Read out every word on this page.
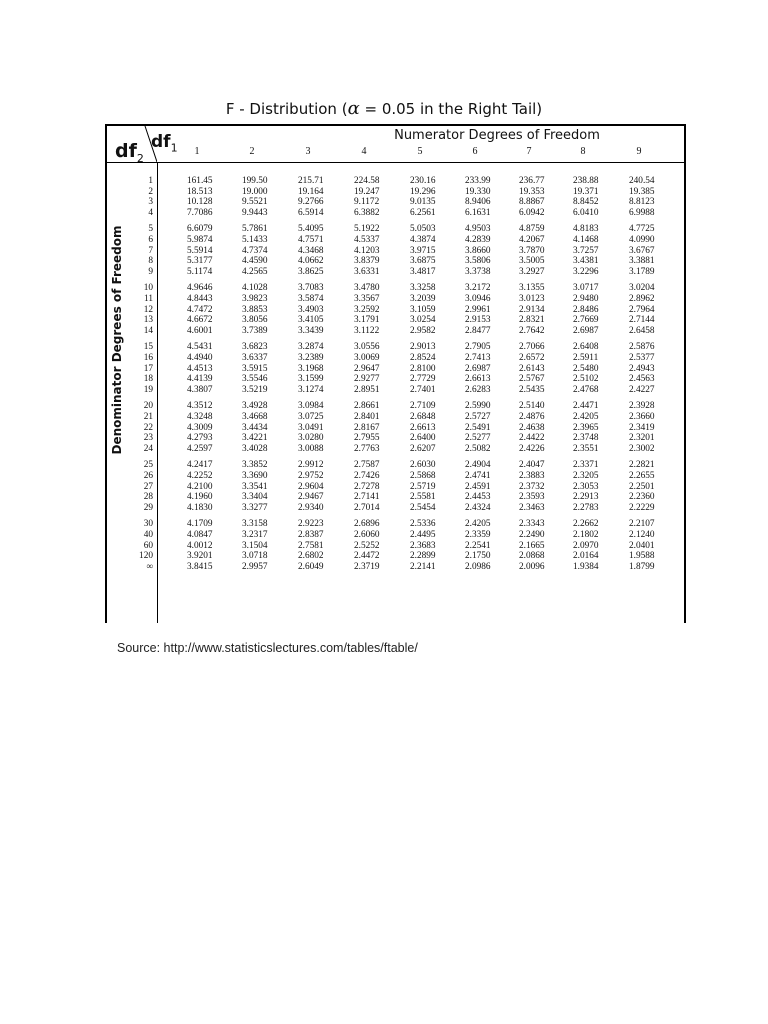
F - Distribution (α = 0.05 in the Right Tail)
$df_2$
$df_1$
Numerator Degrees of Freedom
1	2	3	4	5	6	7	8	9
1	161.45	199.50	215.71	224.58	230.16	233.99	236.77	238.88	240.54
2	18.513	19.000	19.164	19.247	19.296	19.330	19.353	19.371	19.385
3	10.128	9.5521	9.2766	9.1172	9.0135	8.9406	8.8867	8.8452	8.8123
4	7.7086	9.9443	6.5914	6.3882	6.2561	6.1631	6.0942	6.0410	6.9988
5	6.6079	5.7861	5.4095	5.1922	5.0503	4.9503	4.8759	4.8183	4.7725
6	5.9874	5.1433	4.7571	4.5337	4.3874	4.2839	4.2067	4.1468	4.0990
7	5.5914	4.7374	4.3468	4.1203	3.9715	3.8660	3.7870	3.7257	3.6767
8	5.3177	4.4590	4.0662	3.8379	3.6875	3.5806	3.5005	3.4381	3.3881
9	5.1174	4.2565	3.8625	3.6331	3.4817	3.3738	3.2927	3.2296	3.1789
10	4.9646	4.1028	3.7083	3.4780	3.3258	3.2172	3.1355	3.0717	3.0204
11	4.8443	3.9823	3.5874	3.3567	3.2039	3.0946	3.0123	2.9480	2.8962
12	4.7472	3.8853	3.4903	3.2592	3.1059	2.9961	2.9134	2.8486	2.7964
13	4.6672	3.8056	3.4105	3.1791	3.0254	2.9153	2.8321	2.7669	2.7144
14	4.6001	3.7389	3.3439	3.1122	2.9582	2.8477	2.7642	2.6987	2.6458
15	4.5431	3.6823	3.2874	3.0556	2.9013	2.7905	2.7066	2.6408	2.5876
16	4.4940	3.6337	3.2389	3.0069	2.8524	2.7413	2.6572	2.5911	2.5377
17	4.4513	3.5915	3.1968	2.9647	2.8100	2.6987	2.6143	2.5480	2.4943
18	4.4139	3.5546	3.1599	2.9277	2.7729	2.6613	2.5767	2.5102	2.4563
19	4.3807	3.5219	3.1274	2.8951	2.7401	2.6283	2.5435	2.4768	2.4227
20	4.3512	3.4928	3.0984	2.8661	2.7109	2.5990	2.5140	2.4471	2.3928
21	4.3248	3.4668	3.0725	2.8401	2.6848	2.5727	2.4876	2.4205	2.3660
22	4.3009	3.4434	3.0491	2.8167	2.6613	2.5491	2.4638	2.3965	2.3419
23	4.2793	3.4221	3.0280	2.7955	2.6400	2.5277	2.4422	2.3748	2.3201
24	4.2597	3.4028	3.0088	2.7763	2.6207	2.5082	2.4226	2.3551	2.3002
25	4.2417	3.3852	2.9912	2.7587	2.6030	2.4904	2.4047	2.3371	2.2821
26	4.2252	3.3690	2.9752	2.7426	2.5868	2.4741	2.3883	2.3205	2.2655
27	4.2100	3.3541	2.9604	2.7278	2.5719	2.4591	2.3732	2.3053	2.2501
28	4.1960	3.3404	2.9467	2.7141	2.5581	2.4453	2.3593	2.2913	2.2360
29	4.1830	3.3277	2.9340	2.7014	2.5454	2.4324	2.3463	2.2783	2.2229
30	4.1709	3.3158	2.9223	2.6896	2.5336	2.4205	2.3343	2.2662	2.2107
40	4.0847	3.2317	2.8387	2.6060	2.4495	2.3359	2.2490	2.1802	2.1240
60	4.0012	3.1504	2.7581	2.5252	2.3683	2.2541	2.1665	2.0970	2.0401
120	3.9201	3.0718	2.6802	2.4472	2.2899	2.1750	2.0868	2.0164	1.9588
∞	3.8415	2.9957	2.6049	2.3719	2.2141	2.0986	2.0096	1.9384	1.8799
Denominator Degrees of Freedom
Source: http://www.statisticslectures.com/tables/ftable/
